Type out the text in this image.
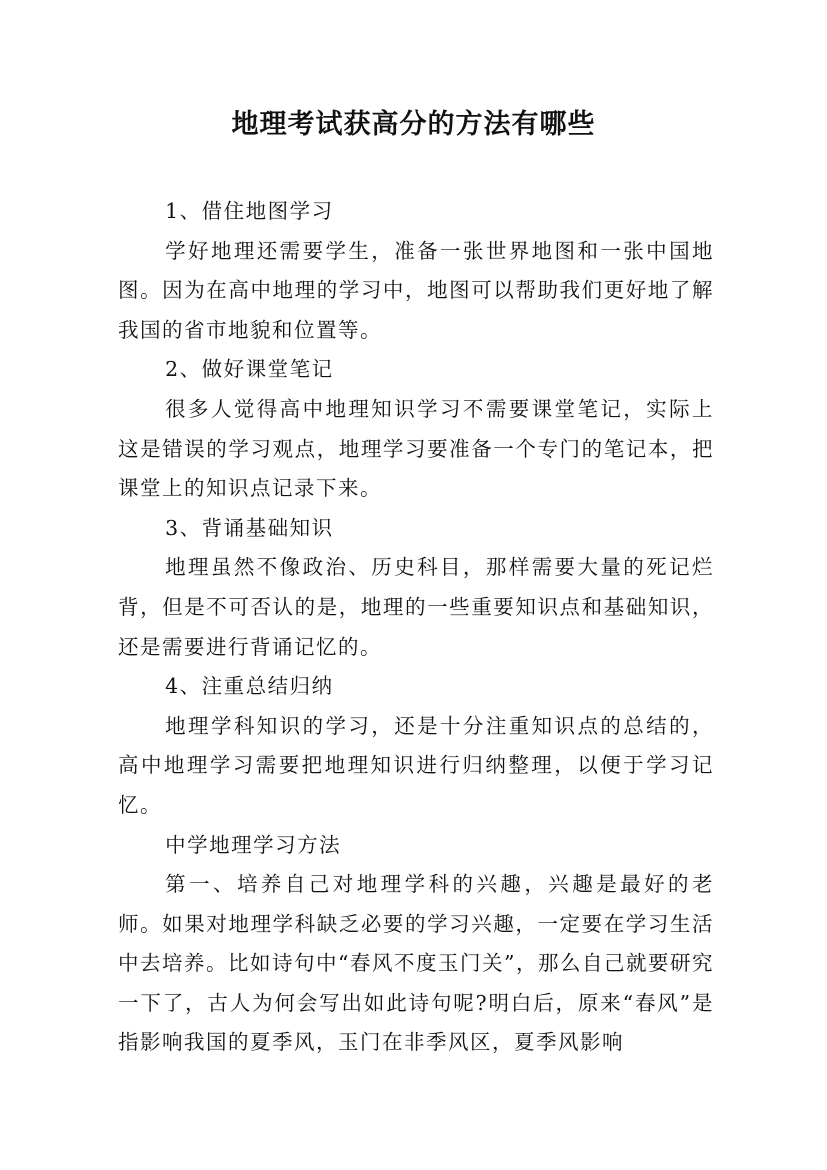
地理考试获高分的方法有哪些

1、借住地图学习

学好地理还需要学生，准备一张世界地图和一张中国地图。因为在高中地理的学习中，地图可以帮助我们更好地了解我国的省市地貌和位置等。

2、做好课堂笔记

很多人觉得高中地理知识学习不需要课堂笔记，实际上这是错误的学习观点，地理学习要准备一个专门的笔记本，把课堂上的知识点记录下来。

3、背诵基础知识

地理虽然不像政治、历史科目，那样需要大量的死记烂背，但是不可否认的是，地理的一些重要知识点和基础知识，还是需要进行背诵记忆的。

4、注重总结归纳

地理学科知识的学习，还是十分注重知识点的总结的，高中地理学习需要把地理知识进行归纳整理，以便于学习记忆。

中学地理学习方法

第一、培养自己对地理学科的兴趣，兴趣是最好的老师。如果对地理学科缺乏必要的学习兴趣，一定要在学习生活中去培养。比如诗句中“春风不度玉门关”，那么自己就要研究一下了，古人为何会写出如此诗句呢?明白后，原来“春风”是指影响我国的夏季风，玉门在非季风区，夏季风影响
